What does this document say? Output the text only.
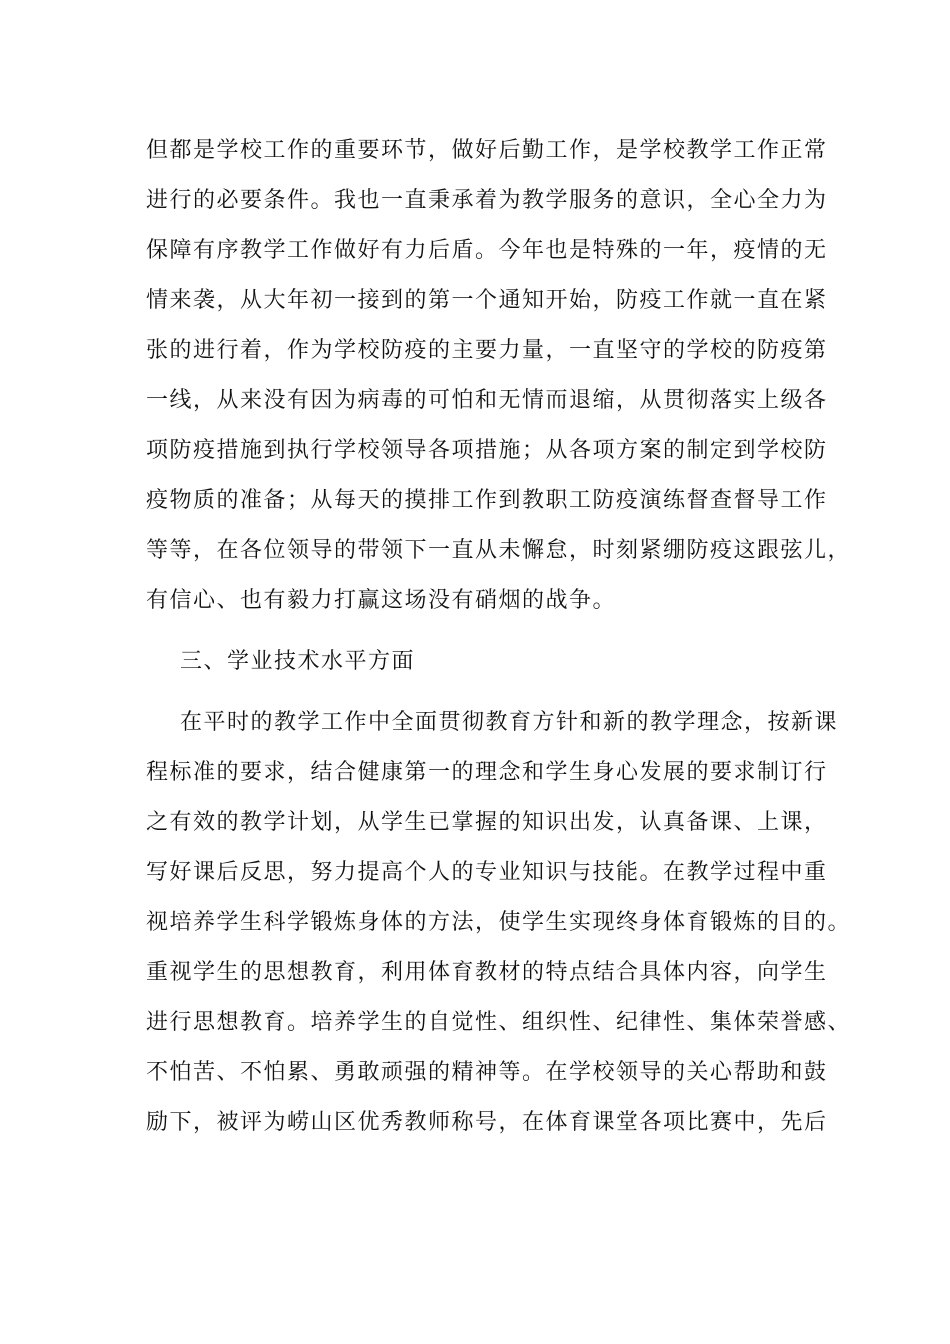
但都是学校工作的重要环节，做好后勤工作，是学校教学工作正常
进行的必要条件。我也一直秉承着为教学服务的意识，全心全力为
保障有序教学工作做好有力后盾。今年也是特殊的一年，疫情的无
情来袭，从大年初一接到的第一个通知开始，防疫工作就一直在紧
张的进行着，作为学校防疫的主要力量，一直坚守的学校的防疫第
一线，从来没有因为病毒的可怕和无情而退缩，从贯彻落实上级各
项防疫措施到执行学校领导各项措施；从各项方案的制定到学校防
疫物质的准备；从每天的摸排工作到教职工防疫演练督查督导工作
等等，在各位领导的带领下一直从未懈怠，时刻紧绷防疫这跟弦儿，
有信心、也有毅力打赢这场没有硝烟的战争。
三、学业技术水平方面
在平时的教学工作中全面贯彻教育方针和新的教学理念，按新课
程标准的要求，结合健康第一的理念和学生身心发展的要求制订行
之有效的教学计划，从学生已掌握的知识出发，认真备课、上课，
写好课后反思，努力提高个人的专业知识与技能。在教学过程中重
视培养学生科学锻炼身体的方法，使学生实现终身体育锻炼的目的。
重视学生的思想教育，利用体育教材的特点结合具体内容，向学生
进行思想教育。培养学生的自觉性、组织性、纪律性、集体荣誉感、
不怕苦、不怕累、勇敢顽强的精神等。在学校领导的关心帮助和鼓
励下，被评为崂山区优秀教师称号，在体育课堂各项比赛中，先后
